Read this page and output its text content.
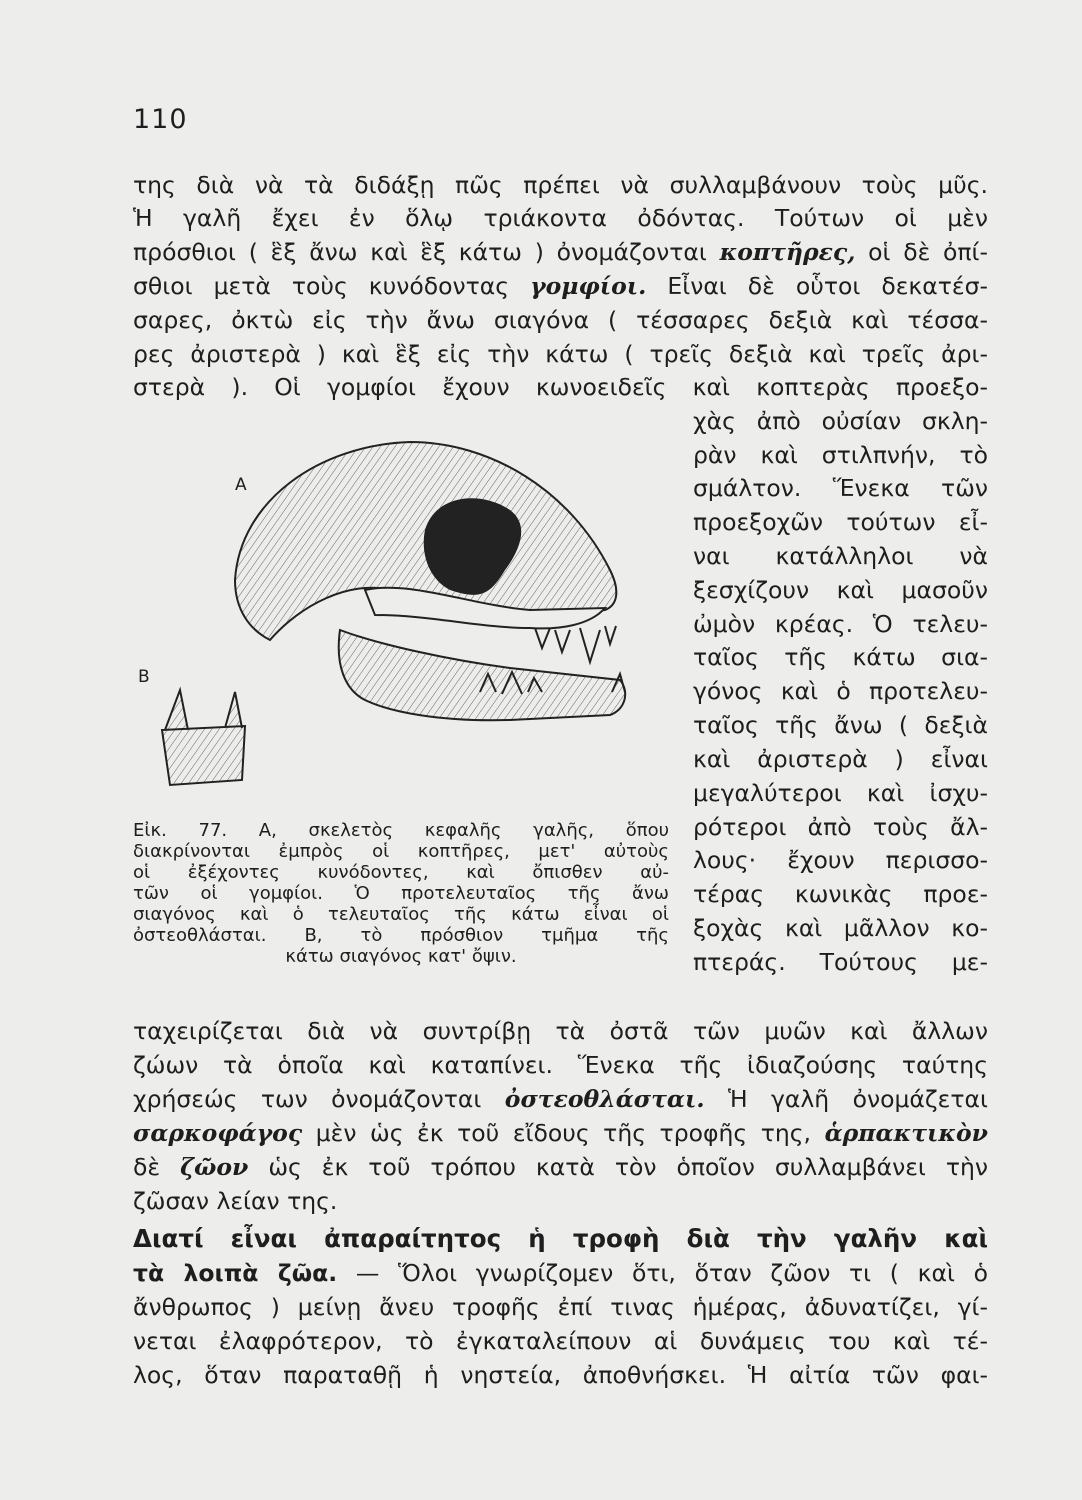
110
της διὰ νὰ τὰ διδάξῃ πῶς πρέπει νὰ συλλαμβάνουν τοὺς μῦς.
Ἡ γαλῆ ἔχει ἐν ὅλῳ τριάκοντα ὀδόντας. Τούτων οἱ μὲν
πρόσθιοι ( ἓξ ἄνω καὶ ἓξ κάτω ) ὀνομάζονται κοπτῆρες, οἱ δὲ ὀπί-
σθιοι μετὰ τοὺς κυνόδοντας γομφίοι. Εἶναι δὲ οὗτοι δεκατέσ-
σαρες, ὀκτὼ εἰς τὴν ἄνω σιαγόνα ( τέσσαρες δεξιὰ καὶ τέσσα-
ρες ἀριστερὰ ) καὶ ἓξ εἰς τὴν κάτω ( τρεῖς δεξιὰ καὶ τρεῖς ἀρι-
στερὰ ). Οἱ γομφίοι ἔχουν κωνοειδεῖς καὶ κοπτερὰς προεξο-
χὰς ἀπὸ οὐσίαν σκλη-
ρὰν καὶ στιλπνήν, τὸ
σμάλτον. Ἕνεκα τῶν
προεξοχῶν τούτων εἶ-
ναι κατάλληλοι νὰ
ξεσχίζουν καὶ μασοῦν
ὠμὸν κρέας. Ὁ τελευ-
ταῖος τῆς κάτω σια-
γόνος καὶ ὁ προτελευ-
ταῖος τῆς ἄνω ( δεξιὰ
καὶ ἀριστερὰ ) εἶναι
μεγαλύτεροι καὶ ἰσχυ-
ρότεροι ἀπὸ τοὺς ἄλ-
λους· ἔχουν περισσο-
τέρας κωνικὰς προε-
ξοχὰς καὶ μᾶλλον κο-
πτεράς. Τούτους με-
Α
Β
Εἰκ. 77. Α, σκελετὸς κεφαλῆς γαλῆς, ὅπου
διακρίνονται ἐμπρὸς οἱ κοπτῆρες, μετ' αὐτοὺς
οἱ ἐξέχοντες κυνόδοντες, καὶ ὄπισθεν αὐ-
τῶν οἱ γομφίοι. Ὁ προτελευταῖος τῆς ἄνω
σιαγόνος καὶ ὁ τελευταῖος τῆς κάτω εἶναι οἱ
ὀστεοθλάσται. Β, τὸ πρόσθιον τμῆμα τῆς
κάτω σιαγόνος κατ' ὄψιν.
ταχειρίζεται διὰ νὰ συντρίβῃ τὰ ὀστᾶ τῶν μυῶν καὶ ἄλλων
ζώων τὰ ὁποῖα καὶ καταπίνει. Ἕνεκα τῆς ἰδιαζούσης ταύτης
χρήσεώς των ὀνομάζονται ὀστεοθλάσται. Ἡ γαλῆ ὀνομάζεται
σαρκοφάγος μὲν ὡς ἐκ τοῦ εἴδους τῆς τροφῆς της, ἁρπακτικὸν
δὲ ζῶον ὡς ἐκ τοῦ τρόπου κατὰ τὸν ὁποῖον συλλαμβάνει τὴν
ζῶσαν λείαν της.
Διατί εἶναι ἀπαραίτητος ἡ τροφὴ διὰ τὴν γαλῆν καὶ
τὰ λοιπὰ ζῶα. — Ὅλοι γνωρίζομεν ὅτι, ὅταν ζῶον τι ( καὶ ὁ
ἄνθρωπος ) μείνῃ ἄνευ τροφῆς ἐπί τινας ἡμέρας, ἀδυνατίζει, γί-
νεται ἐλαφρότερον, τὸ ἐγκαταλείπουν αἱ δυνάμεις του καὶ τέ-
λος, ὅταν παραταθῇ ἡ νηστεία, ἀποθνήσκει. Ἡ αἰτία τῶν φαι-
